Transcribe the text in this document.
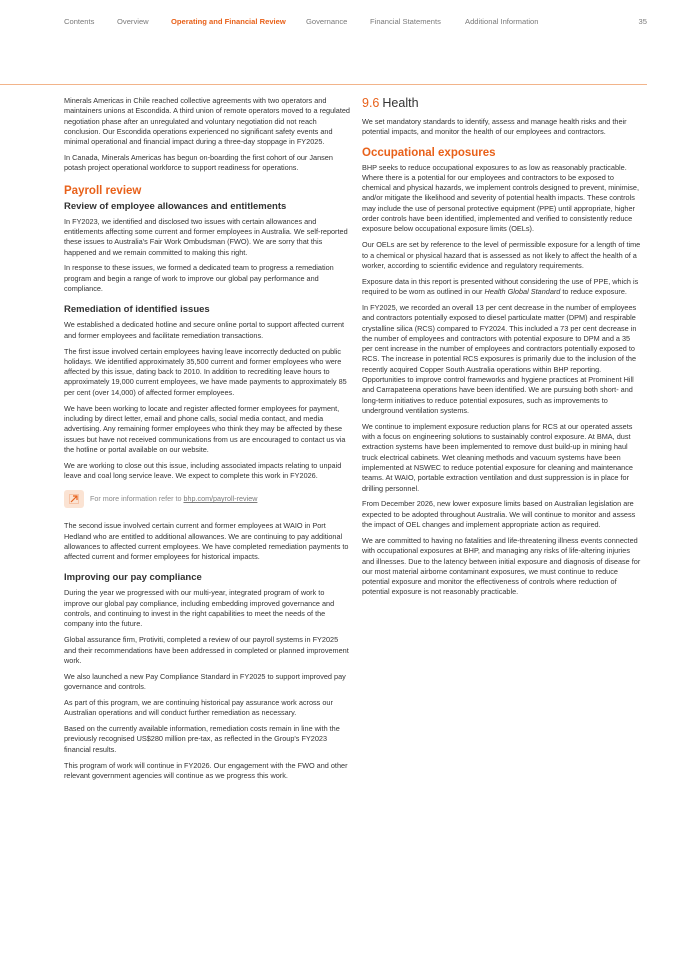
Contents	Overview	Operating and Financial Review	Governance	Financial Statements	Additional Information	35

Minerals Americas in Chile reached collective agreements with two operators and maintainers unions at Escondida. A third union of remote operators moved to a regulated negotiation phase after an unregulated and voluntary negotiation did not reach conclusion. Our Escondida operations experienced no significant safety events and minimal operational and financial impact during a three-day stoppage in FY2025.

In Canada, Minerals Americas has begun on-boarding the first cohort of our Jansen potash project operational workforce to support readiness for operations.

Payroll review
Review of employee allowances and entitlements

In FY2023, we identified and disclosed two issues with certain allowances and entitlements affecting some current and former employees in Australia. We self-reported these issues to Australia's Fair Work Ombudsman (FWO). We are sorry that this happened and we remain committed to making this right.

In response to these issues, we formed a dedicated team to progress a remediation program and begin a range of work to improve our global pay performance and compliance.

Remediation of identified issues

We established a dedicated hotline and secure online portal to support affected current and former employees and facilitate remediation transactions.

The first issue involved certain employees having leave incorrectly deducted on public holidays. We identified approximately 35,500 current and former employees who were affected by this issue, dating back to 2010. In addition to recrediting leave hours to approximately 19,000 current employees, we have made payments to approximately 85 per cent (over 14,000) of affected former employees.

We have been working to locate and register affected former employees for payment, including by direct letter, email and phone calls, social media contact, and media advertising. Any remaining former employees who think they may be affected by these issues but have not received communications from us are encouraged to contact us via the hotline or portal available on our website.

We are working to close out this issue, including associated impacts relating to unpaid leave and coal long service leave. We expect to complete this work in FY2026.

For more information refer to bhp.com/payroll-review

The second issue involved certain current and former employees at WAIO in Port Hedland who are entitled to additional allowances. We are continuing to pay additional allowances to affected current employees. We have completed remediation payments to affected current and former employees for historical impacts.

Improving our pay compliance

During the year we progressed with our multi-year, integrated program of work to improve our global pay compliance, including embedding improved governance and controls, and continuing to invest in the right capabilities to meet the needs of the company into the future.

Global assurance firm, Protiviti, completed a review of our payroll systems in FY2025 and their recommendations have been addressed in completed or planned improvement work.

We also launched a new Pay Compliance Standard in FY2025 to support improved pay governance and controls.

As part of this program, we are continuing historical pay assurance work across our Australian operations and will conduct further remediation as necessary.

Based on the currently available information, remediation costs remain in line with the previously recognised US$280 million pre-tax, as reflected in the Group's FY2023 financial results.

This program of work will continue in FY2026. Our engagement with the FWO and other relevant government agencies will continue as we progress this work.

9.6 Health

We set mandatory standards to identify, assess and manage health risks and their potential impacts, and monitor the health of our employees and contractors.

Occupational exposures

BHP seeks to reduce occupational exposures to as low as reasonably practicable. Where there is a potential for our employees and contractors to be exposed to chemical and physical hazards, we implement controls designed to prevent, minimise, and/or mitigate the likelihood and severity of potential health impacts. These controls may include the use of personal protective equipment (PPE) until appropriate, higher order controls have been identified, implemented and verified to consistently reduce exposure below occupational exposure limits (OELs).

Our OELs are set by reference to the level of permissible exposure for a length of time to a chemical or physical hazard that is assessed as not likely to affect the health of a worker, according to scientific evidence and regulatory requirements.

Exposure data in this report is presented without considering the use of PPE, which is required to be worn as outlined in our Health Global Standard to reduce exposure.

In FY2025, we recorded an overall 13 per cent decrease in the number of employees and contractors potentially exposed to diesel particulate matter (DPM) and respirable crystalline silica (RCS) compared to FY2024. This included a 73 per cent decrease in the number of employees and contractors with potential exposure to DPM and a 35 per cent increase in the number of employees and contractors potentially exposed to RCS. The increase in potential RCS exposures is primarily due to the inclusion of the recently acquired Copper South Australia operations within BHP reporting. Opportunities to improve control frameworks and hygiene practices at Prominent Hill and Carrapateena operations have been identified. We are pursuing both short- and long-term initiatives to reduce potential exposures, such as improvements to underground ventilation systems.

We continue to implement exposure reduction plans for RCS at our operated assets with a focus on engineering solutions to sustainably control exposure. At BMA, dust extraction systems have been implemented to remove dust build-up in mining haul truck electrical cabinets. Wet cleaning methods and vacuum systems have been implemented at NSWEC to reduce potential exposure for cleaning and maintenance teams. At WAIO, portable extraction ventilation and dust suppression is in place for drilling personnel.

From December 2026, new lower exposure limits based on Australian legislation are expected to be adopted throughout Australia. We will continue to monitor and assess the impact of OEL changes and implement appropriate action as required.

We are committed to having no fatalities and life-threatening illness events connected with occupational exposures at BHP, and managing any risks of life-altering injuries and illnesses. Due to the latency between initial exposure and diagnosis of disease for our most material airborne contaminant exposures, we must continue to reduce potential exposure and monitor the effectiveness of controls where reduction of potential exposure is not reasonably practicable.
